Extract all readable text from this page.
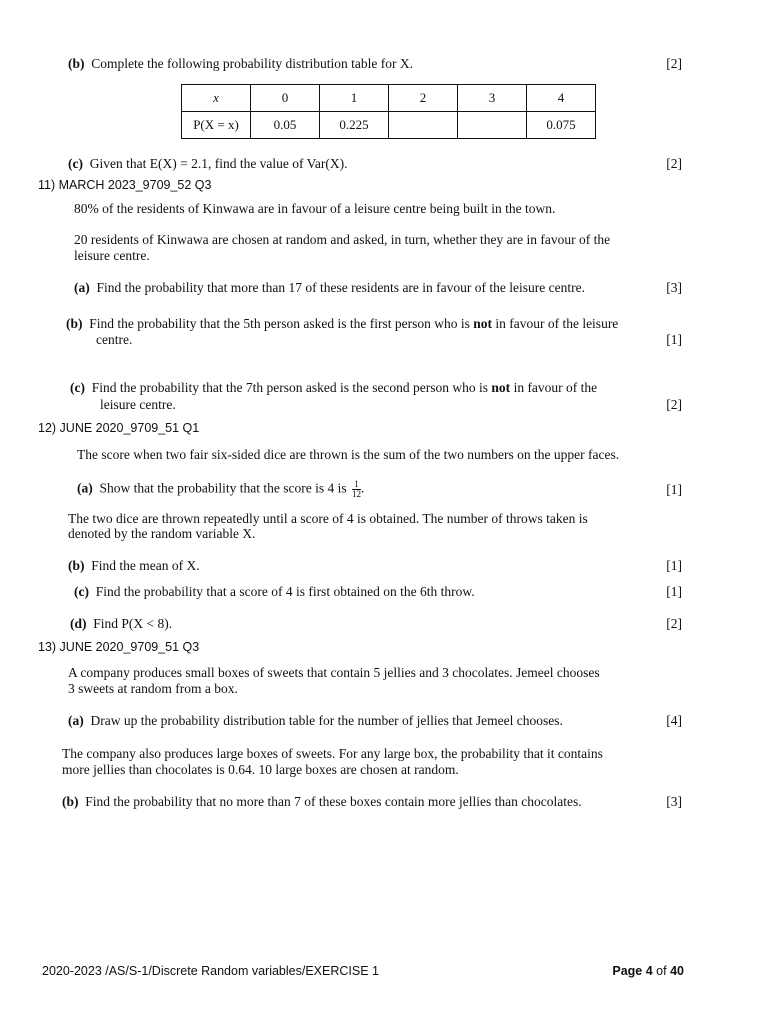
(b) Complete the following probability distribution table for X.	[2]
x	0	1	2	3	4
P(X = x)	0.05	0.225			0.075
(c) Given that E(X) = 2.1, find the value of Var(X).	[2]
11) MARCH 2023_9709_52 Q3
80% of the residents of Kinwawa are in favour of a leisure centre being built in the town.
20 residents of Kinwawa are chosen at random and asked, in turn, whether they are in favour of the
leisure centre.
(a) Find the probability that more than 17 of these residents are in favour of the leisure centre.	[3]
(b) Find the probability that the 5th person asked is the first person who is not in favour of the leisure
centre.	[1]
(c) Find the probability that the 7th person asked is the second person who is not in favour of the
leisure centre.	[2]
12) JUNE 2020_9709_51 Q1
The score when two fair six-sided dice are thrown is the sum of the two numbers on the upper faces.
(a) Show that the probability that the score is 4 is $\frac{1}{12}$ .	[1]
The two dice are thrown repeatedly until a score of 4 is obtained. The number of throws taken is
denoted by the random variable X.
(b) Find the mean of X.	[1]
(c) Find the probability that a score of 4 is first obtained on the 6th throw.	[1]
(d) Find P(X < 8).	[2]
13) JUNE 2020_9709_51 Q3
A company produces small boxes of sweets that contain 5 jellies and 3 chocolates. Jemeel chooses
3 sweets at random from a box.
(a) Draw up the probability distribution table for the number of jellies that Jemeel chooses.	[4]
The company also produces large boxes of sweets. For any large box, the probability that it contains
more jellies than chocolates is 0.64. 10 large boxes are chosen at random.
(b) Find the probability that no more than 7 of these boxes contain more jellies than chocolates.	[3]
2020-2023 /AS/S-1/Discrete Random variables/EXERCISE 1	Page 4 of 40
